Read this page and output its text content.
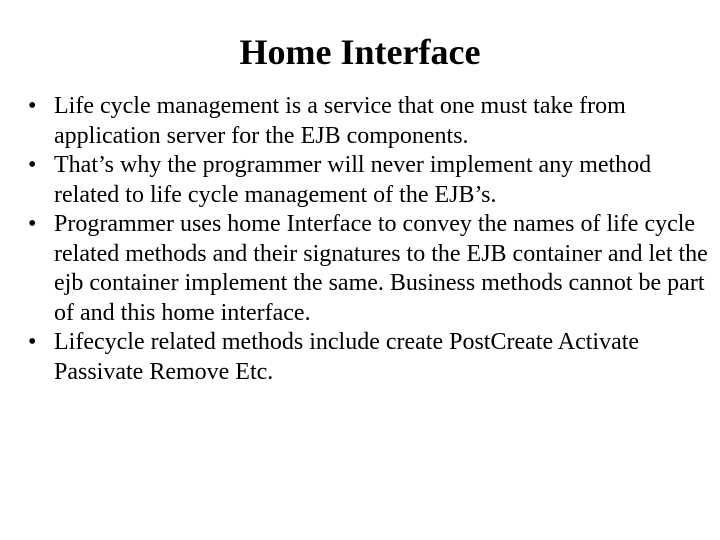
Home Interface
• Life cycle management is a service that one must take from application server for the EJB components.
• That’s why the programmer will never implement any method related to life cycle management of the EJB’s.
• Programmer uses home Interface to convey the names of life cycle related methods and their signatures to the EJB container and let the ejb container implement the same. Business methods cannot be part of and this home interface.
• Lifecycle related methods include create PostCreate Activate Passivate Remove Etc.
